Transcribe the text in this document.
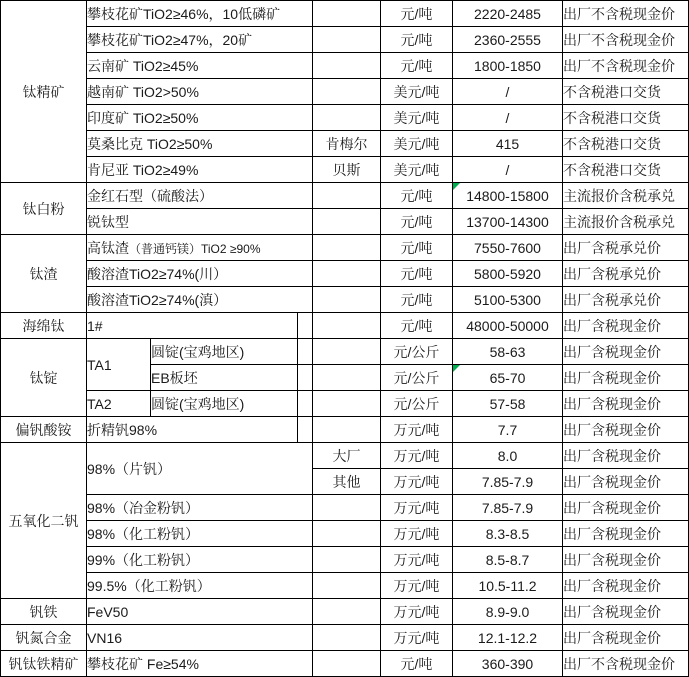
钛精矿	攀枝花矿TiO2≥46%，10低磷矿				元/吨	2220-2485	出厂不含税现金价
	攀枝花矿TiO2≥47%，20矿				元/吨	2360-2555	出厂不含税现金价
	云南矿 TiO2≥45%				元/吨	1800-1850	出厂不含税现金价
	越南矿 TiO2>50%				美元/吨	/	不含税港口交货
	印度矿 TiO2≥50%				美元/吨	/	不含税港口交货
	莫桑比克 TiO2≥50%			肯梅尔	美元/吨	415	不含税港口交货
	肯尼亚 TiO2≥49%			贝斯	美元/吨	/	不含税港口交货
钛白粉	金红石型（硫酸法）				元/吨	14800-15800	主流报价含税承兑
	锐钛型				元/吨	13700-14300	主流报价含税承兑
钛渣	高钛渣（普通钙镁）TiO2 ≥90%				元/吨	7550-7600	出厂含税承兑价
	酸溶渣TiO2≥74%(川）				元/吨	5800-5920	出厂含税承兑价
	酸溶渣TiO2≥74%(滇）				元/吨	5100-5300	出厂含税承兑价
海绵钛	1#				元/吨	48000-50000	出厂含税现金价
钛锭	TA1	圆锭(宝鸡地区)			元/公斤	58-63	出厂含税现金价
		EB板坯			元/公斤	65-70	出厂含税现金价
	TA2	圆锭(宝鸡地区)			元/公斤	57-58	出厂含税现金价
偏钒酸铵	折精钒98%				万元/吨	7.7	出厂含税现金价
五氧化二钒	98%（片钒）			大厂	万元/吨	8.0	出厂含税现金价
				其他	万元/吨	7.85-7.9	出厂含税现金价
	98%（冶金粉钒）				万元/吨	7.85-7.9	出厂含税现金价
	98%（化工粉钒）				万元/吨	8.3-8.5	出厂含税现金价
	99%（化工粉钒）				万元/吨	8.5-8.7	出厂含税现金价
	99.5%（化工粉钒）				万元/吨	10.5-11.2	出厂含税现金价
钒铁	FeV50				万元/吨	8.9-9.0	出厂含税现金价
钒氮合金	VN16				万元/吨	12.1-12.2	出厂含税现金价
钒钛铁精矿	攀枝花矿 Fe≥54%				元/吨	360-390	出厂不含税现金价
